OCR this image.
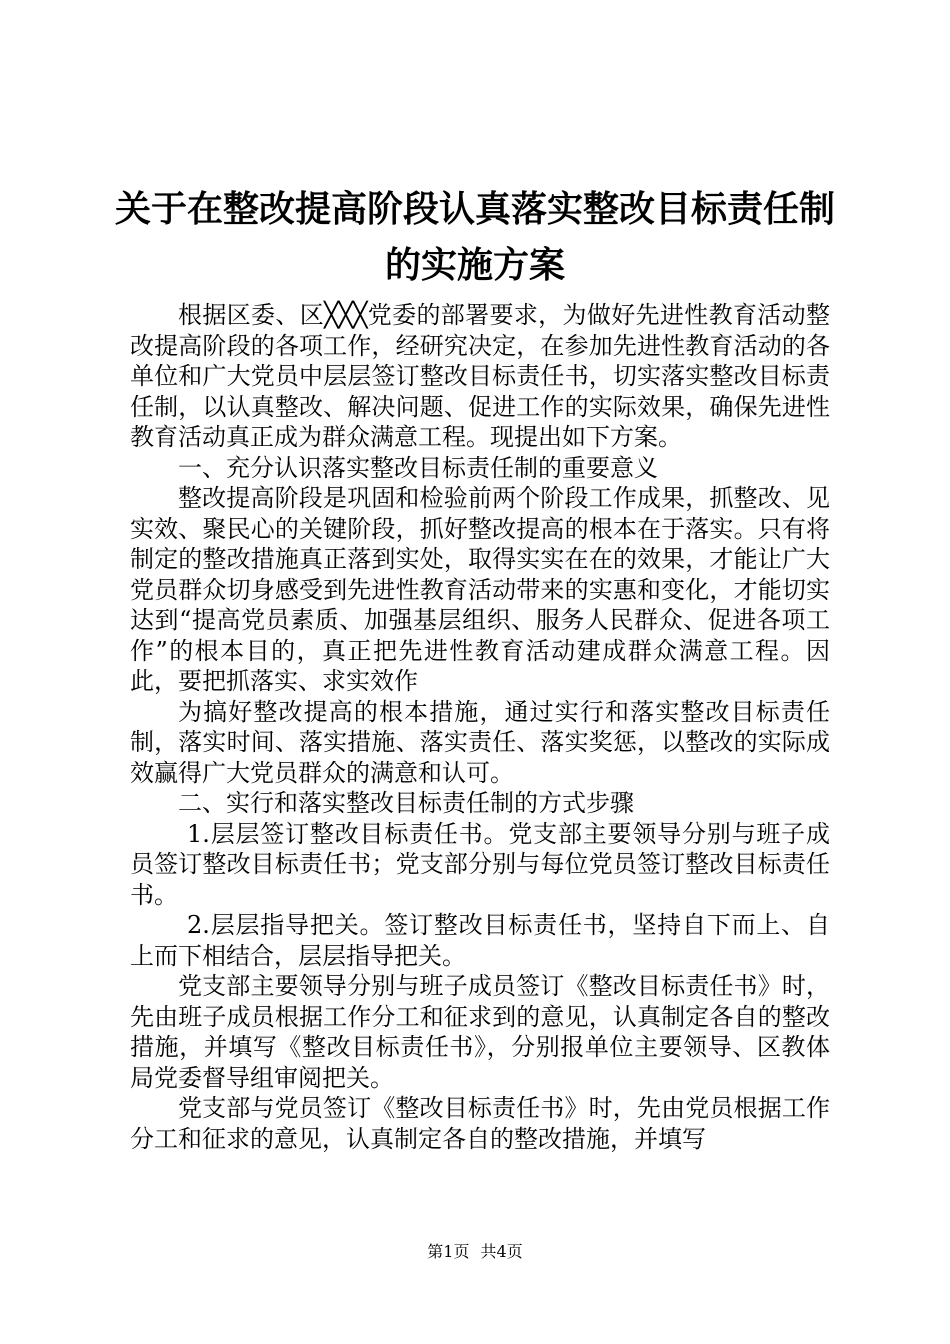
关于在整改提高阶段认真落实整改目标责任制
的实施方案

根据区委、区╳╳╳党委的部署要求，为做好先进性教育活动整改提高阶段的各项工作，经研究决定，在参加先进性教育活动的各单位和广大党员中层层签订整改目标责任书，切实落实整改目标责任制，以认真整改、解决问题、促进工作的实际效果，确保先进性教育活动真正成为群众满意工程。现提出如下方案。

一、充分认识落实整改目标责任制的重要意义

整改提高阶段是巩固和检验前两个阶段工作成果，抓整改、见实效、聚民心的关键阶段，抓好整改提高的根本在于落实。只有将制定的整改措施真正落到实处，取得实实在在的效果，才能让广大党员群众切身感受到先进性教育活动带来的实惠和变化，才能切实达到“提高党员素质、加强基层组织、服务人民群众、促进各项工作”的根本目的，真正把先进性教育活动建成群众满意工程。因此，要把抓落实、求实效作

为搞好整改提高的根本措施，通过实行和落实整改目标责任制，落实时间、落实措施、落实责任、落实奖惩，以整改的实际成效赢得广大党员群众的满意和认可。

二、实行和落实整改目标责任制的方式步骤

1.层层签订整改目标责任书。党支部主要领导分别与班子成员签订整改目标责任书；党支部分别与每位党员签订整改目标责任书。

2.层层指导把关。签订整改目标责任书，坚持自下而上、自上而下相结合，层层指导把关。

党支部主要领导分别与班子成员签订《整改目标责任书》时，先由班子成员根据工作分工和征求到的意见，认真制定各自的整改措施，并填写《整改目标责任书》，分别报单位主要领导、区教体局党委督导组审阅把关。

党支部与党员签订《整改目标责任书》时，先由党员根据工作分工和征求的意见，认真制定各自的整改措施，并填写

第1页 共4页
